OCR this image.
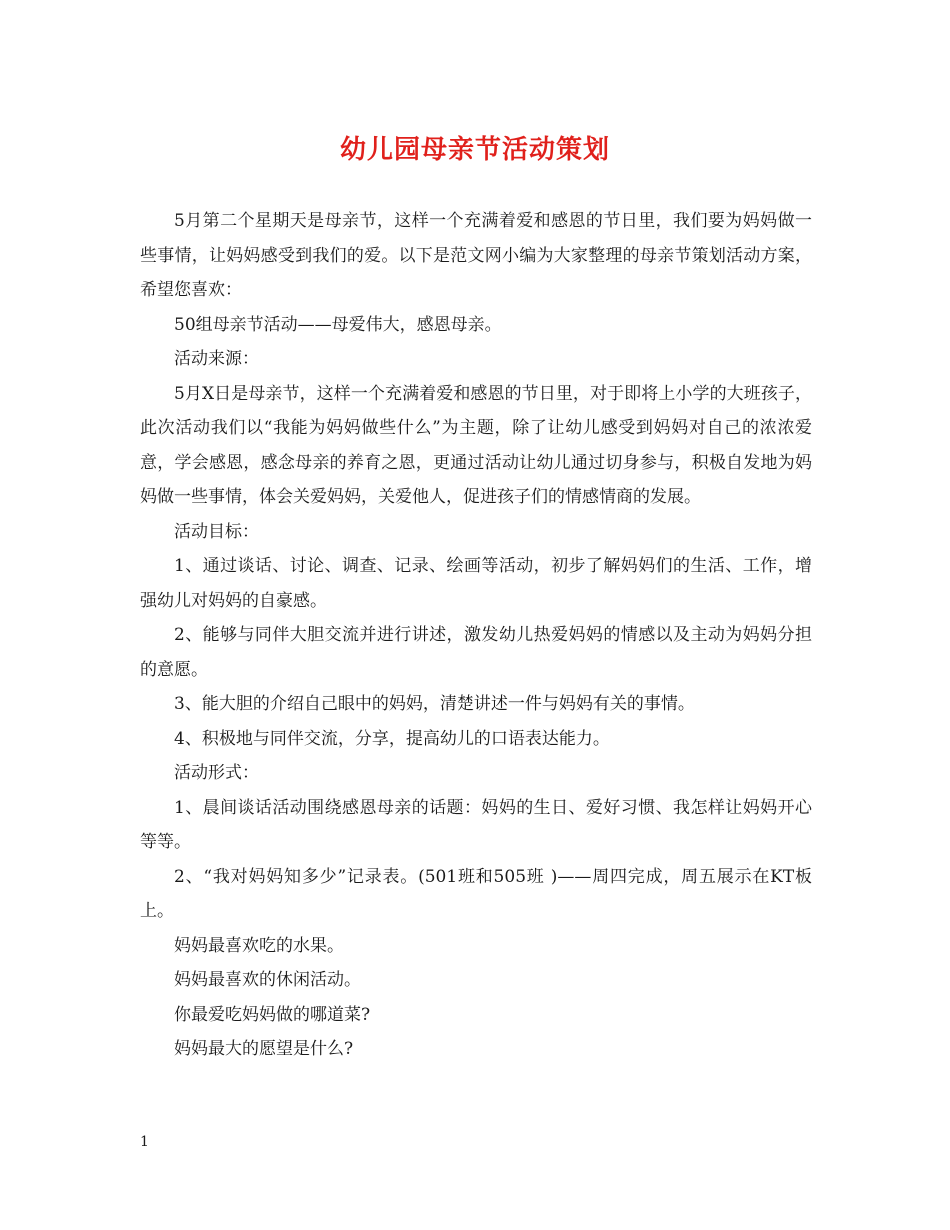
幼儿园母亲节活动策划

5月第二个星期天是母亲节，这样一个充满着爱和感恩的节日里，我们要为妈妈做一些事情，让妈妈感受到我们的爱。以下是范文网小编为大家整理的母亲节策划活动方案，希望您喜欢：

50组母亲节活动——母爱伟大，感恩母亲。

活动来源：

5月X日是母亲节，这样一个充满着爱和感恩的节日里，对于即将上小学的大班孩子，此次活动我们以“我能为妈妈做些什么”为主题，除了让幼儿感受到妈妈对自己的浓浓爱意，学会感恩，感念母亲的养育之恩，更通过活动让幼儿通过切身参与，积极自发地为妈妈做一些事情，体会关爱妈妈，关爱他人，促进孩子们的情感情商的发展。

活动目标：

1、通过谈话、讨论、调查、记录、绘画等活动，初步了解妈妈们的生活、工作，增强幼儿对妈妈的自豪感。

2、能够与同伴大胆交流并进行讲述，激发幼儿热爱妈妈的情感以及主动为妈妈分担的意愿。

3、能大胆的介绍自己眼中的妈妈，清楚讲述一件与妈妈有关的事情。

4、积极地与同伴交流，分享，提高幼儿的口语表达能力。

活动形式：

1、晨间谈话活动围绕感恩母亲的话题：妈妈的生日、爱好习惯、我怎样让妈妈开心等等。

2、“我对妈妈知多少”记录表。(501班和505班 )——周四完成，周五展示在KT板上。

妈妈最喜欢吃的水果。

妈妈最喜欢的休闲活动。

你最爱吃妈妈做的哪道菜?

妈妈最大的愿望是什么?

1
